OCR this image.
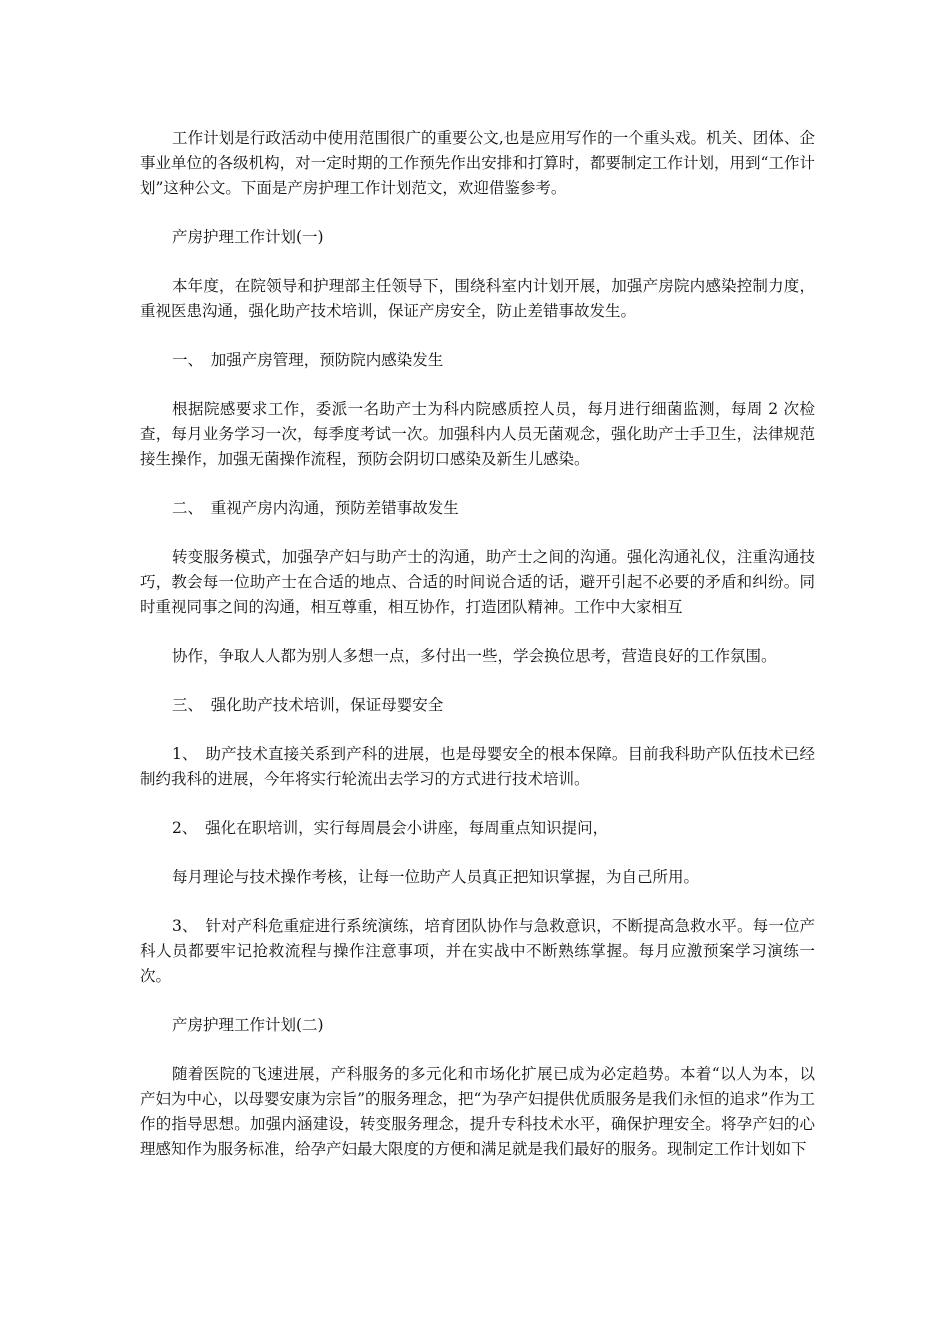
工作计划是行政活动中使用范围很广的重要公文,也是应用写作的一个重头戏。机关、团体、企事业单位的各级机构，对一定时期的工作预先作出安排和打算时，都要制定工作计划，用到“工作计划”这种公文。下面是产房护理工作计划范文，欢迎借鉴参考。

产房护理工作计划(一)

本年度，在院领导和护理部主任领导下，围绕科室内计划开展，加强产房院内感染控制力度，重视医患沟通，强化助产技术培训，保证产房安全，防止差错事故发生。

一、　加强产房管理，预防院内感染发生

根据院感要求工作，委派一名助产士为科内院感质控人员，每月进行细菌监测，每周 2 次检查，每月业务学习一次，每季度考试一次。加强科内人员无菌观念，强化助产士手卫生，法律规范接生操作，加强无菌操作流程，预防会阴切口感染及新生儿感染。

二、　重视产房内沟通，预防差错事故发生

转变服务模式，加强孕产妇与助产士的沟通，助产士之间的沟通。强化沟通礼仪，注重沟通技巧，教会每一位助产士在合适的地点、合适的时间说合适的话，避开引起不必要的矛盾和纠纷。同时重视同事之间的沟通，相互尊重，相互协作，打造团队精神。工作中大家相互

协作，争取人人都为别人多想一点，多付出一些，学会换位思考，营造良好的工作氛围。

三、　强化助产技术培训，保证母婴安全

1、　助产技术直接关系到产科的进展，也是母婴安全的根本保障。目前我科助产队伍技术已经制约我科的进展，今年将实行轮流出去学习的方式进行技术培训。

2、　强化在职培训，实行每周晨会小讲座，每周重点知识提问，

每月理论与技术操作考核，让每一位助产人员真正把知识掌握，为自己所用。

3、　针对产科危重症进行系统演练，培育团队协作与急救意识，不断提高急救水平。每一位产科人员都要牢记抢救流程与操作注意事项，并在实战中不断熟练掌握。每月应激预案学习演练一次。

产房护理工作计划(二)

随着医院的飞速进展，产科服务的多元化和市场化扩展已成为必定趋势。本着“以人为本，以产妇为中心，以母婴安康为宗旨”的服务理念，把“为孕产妇提供优质服务是我们永恒的追求”作为工作的指导思想。加强内涵建设，转变服务理念，提升专科技术水平，确保护理安全。将孕产妇的心理感知作为服务标准，给孕产妇最大限度的方便和满足就是我们最好的服务。现制定工作计划如下
